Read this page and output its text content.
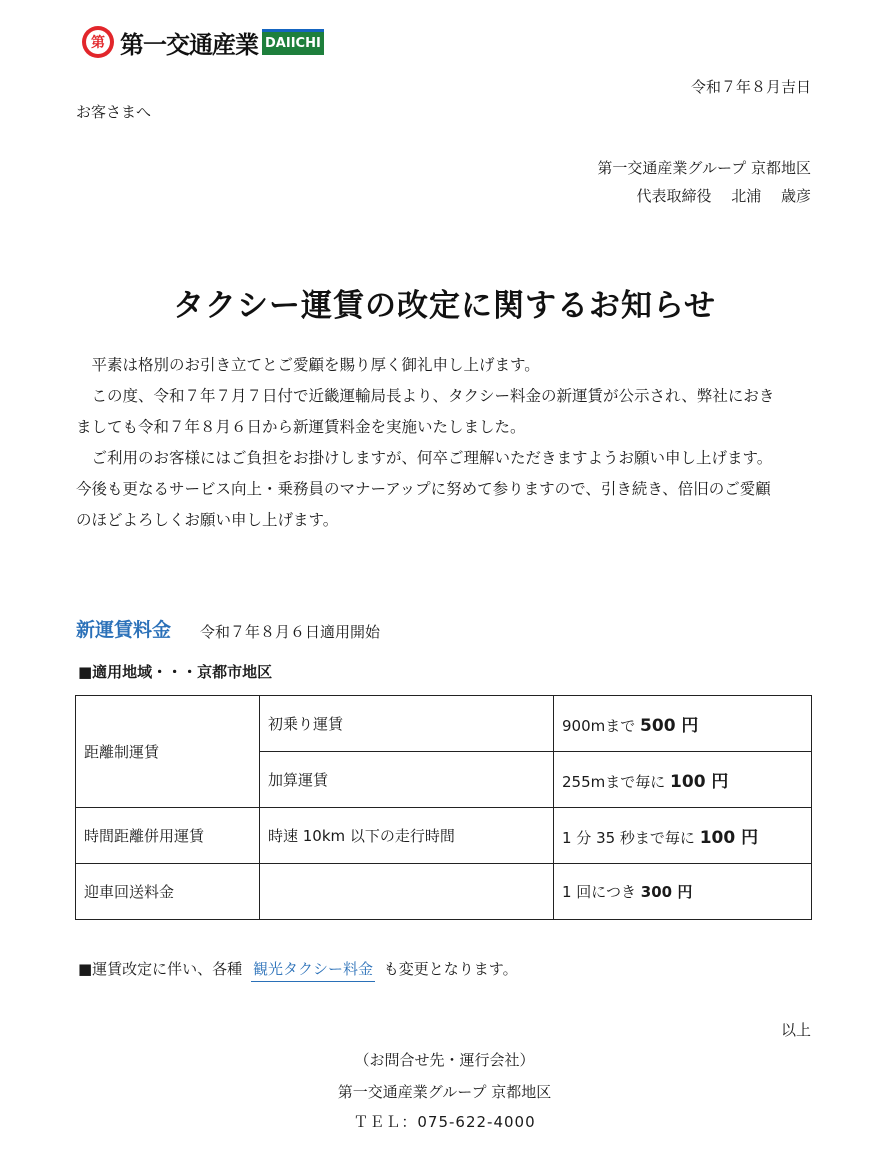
第 第一交通産業 DAIICHI
令和７年８月吉日
お客さまへ
第一交通産業グループ 京都地区
代表取締役　 北浦　 歳彦
タクシー運賃の改定に関するお知らせ

　平素は格別のお引き立てとご愛顧を賜り厚く御礼申し上げます。

　この度、令和７年７月７日付で近畿運輸局長より、タクシー料金の新運賃が公示され、弊社におき

ましても令和７年８月６日から新運賃料金を実施いたしました。

　ご利用のお客様にはご負担をお掛けしますが、何卒ご理解いただきますようお願い申し上げます。

今後も更なるサービス向上・乗務員のマナーアップに努めて参りますので、引き続き、倍旧のご愛顧

のほどよろしくお願い申し上げます。

新運賃料金 令和７年８月６日適用開始
■適用地域・・・京都市地区
距離制運賃	初乗り運賃	900mまで 500 円
	加算運賃	255mまで毎に 100 円
時間距離併用運賃	時速 10km 以下の走行時間	1 分 35 秒まで毎に 100 円
迎車回送料金		1 回につき 300 円
■運賃改定に伴い、各種 観光タクシー料金 も変更となります。
以上
（お問合せ先・運行会社）
第一交通産業グループ 京都地区
ＴＥＬ：075-622-4000
